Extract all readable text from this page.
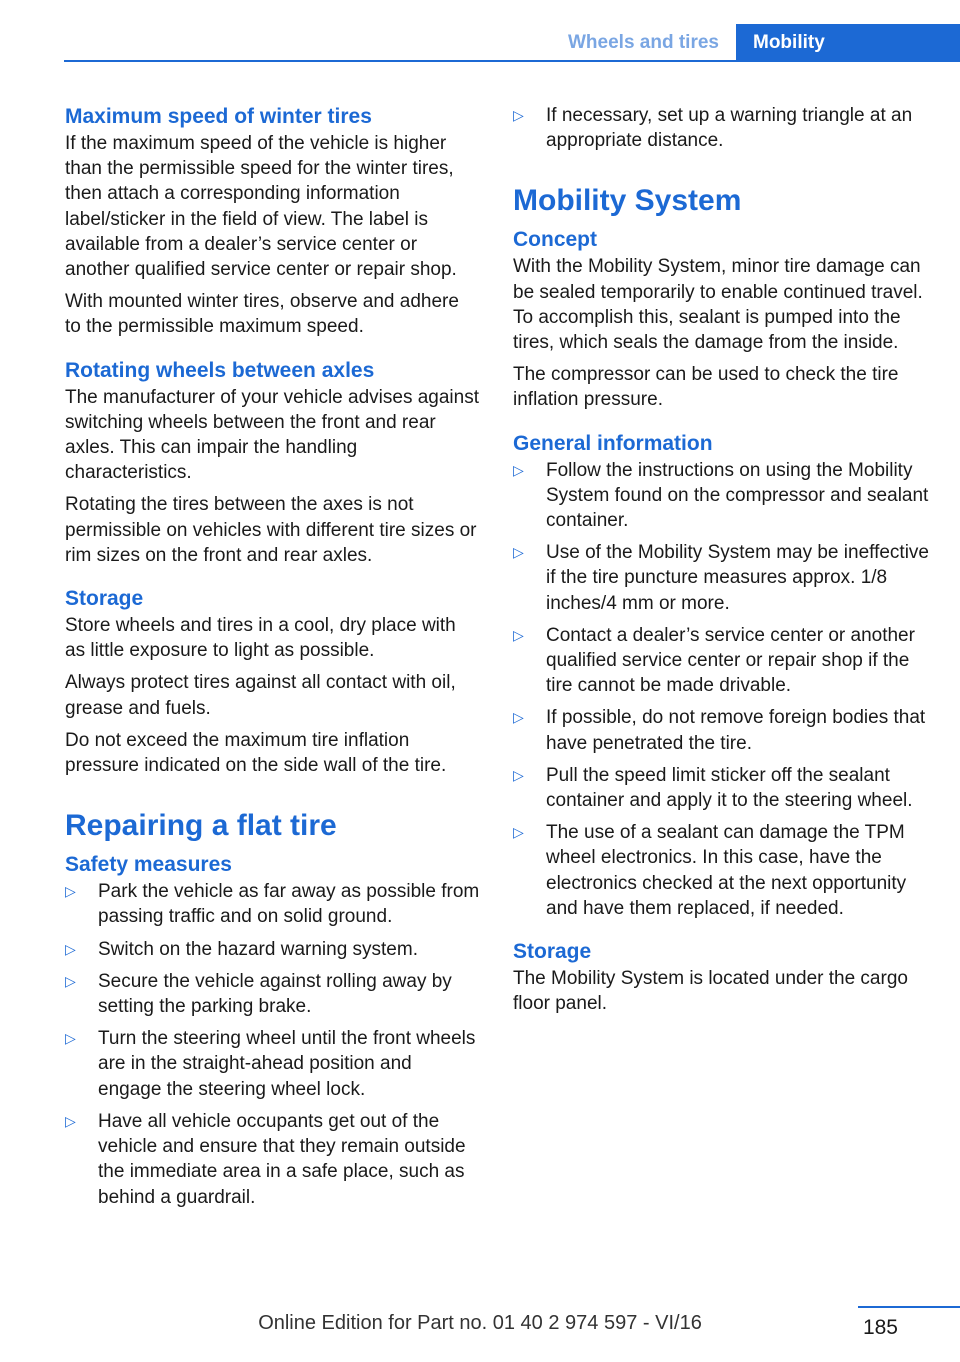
Wheels and tires	Mobility
Maximum speed of winter tires

If the maximum speed of the vehicle is higher than the permissible speed for the winter tires, then attach a corresponding information label/sticker in the field of view. The label is available from a dealer’s service center or another qualified service center or repair shop.

With mounted winter tires, observe and adhere to the permissible maximum speed.

Rotating wheels between axles

The manufacturer of your vehicle advises against switching wheels between the front and rear axles. This can impair the handling characteristics.

Rotating the tires between the axes is not permissible on vehicles with different tire sizes or rim sizes on the front and rear axles.

Storage

Store wheels and tires in a cool, dry place with as little exposure to light as possible.

Always protect tires against all contact with oil, grease and fuels.

Do not exceed the maximum tire inflation pressure indicated on the side wall of the tire.

Repairing a flat tire
Safety measures
▷ Park the vehicle as far away as possible from passing traffic and on solid ground.
▷ Switch on the hazard warning system.
▷ Secure the vehicle against rolling away by setting the parking brake.
▷ Turn the steering wheel until the front wheels are in the straight-ahead position and engage the steering wheel lock.
▷ Have all vehicle occupants get out of the vehicle and ensure that they remain outside the immediate area in a safe place, such as behind a guardrail.
▷ If necessary, set up a warning triangle at an appropriate distance.
Mobility System
Concept

With the Mobility System, minor tire damage can be sealed temporarily to enable continued travel. To accomplish this, sealant is pumped into the tires, which seals the damage from the inside.

The compressor can be used to check the tire inflation pressure.

General information
▷ Follow the instructions on using the Mobility System found on the compressor and sealant container.
▷ Use of the Mobility System may be ineffective if the tire puncture measures approx. 1/8 inches/4 mm or more.
▷ Contact a dealer’s service center or another qualified service center or repair shop if the tire cannot be made drivable.
▷ If possible, do not remove foreign bodies that have penetrated the tire.
▷ Pull the speed limit sticker off the sealant container and apply it to the steering wheel.
▷ The use of a sealant can damage the TPM wheel electronics. In this case, have the electronics checked at the next opportunity and have them replaced, if needed.
Storage

The Mobility System is located under the cargo floor panel.

185
Online Edition for Part no. 01 40 2 974 597 - VI/16
